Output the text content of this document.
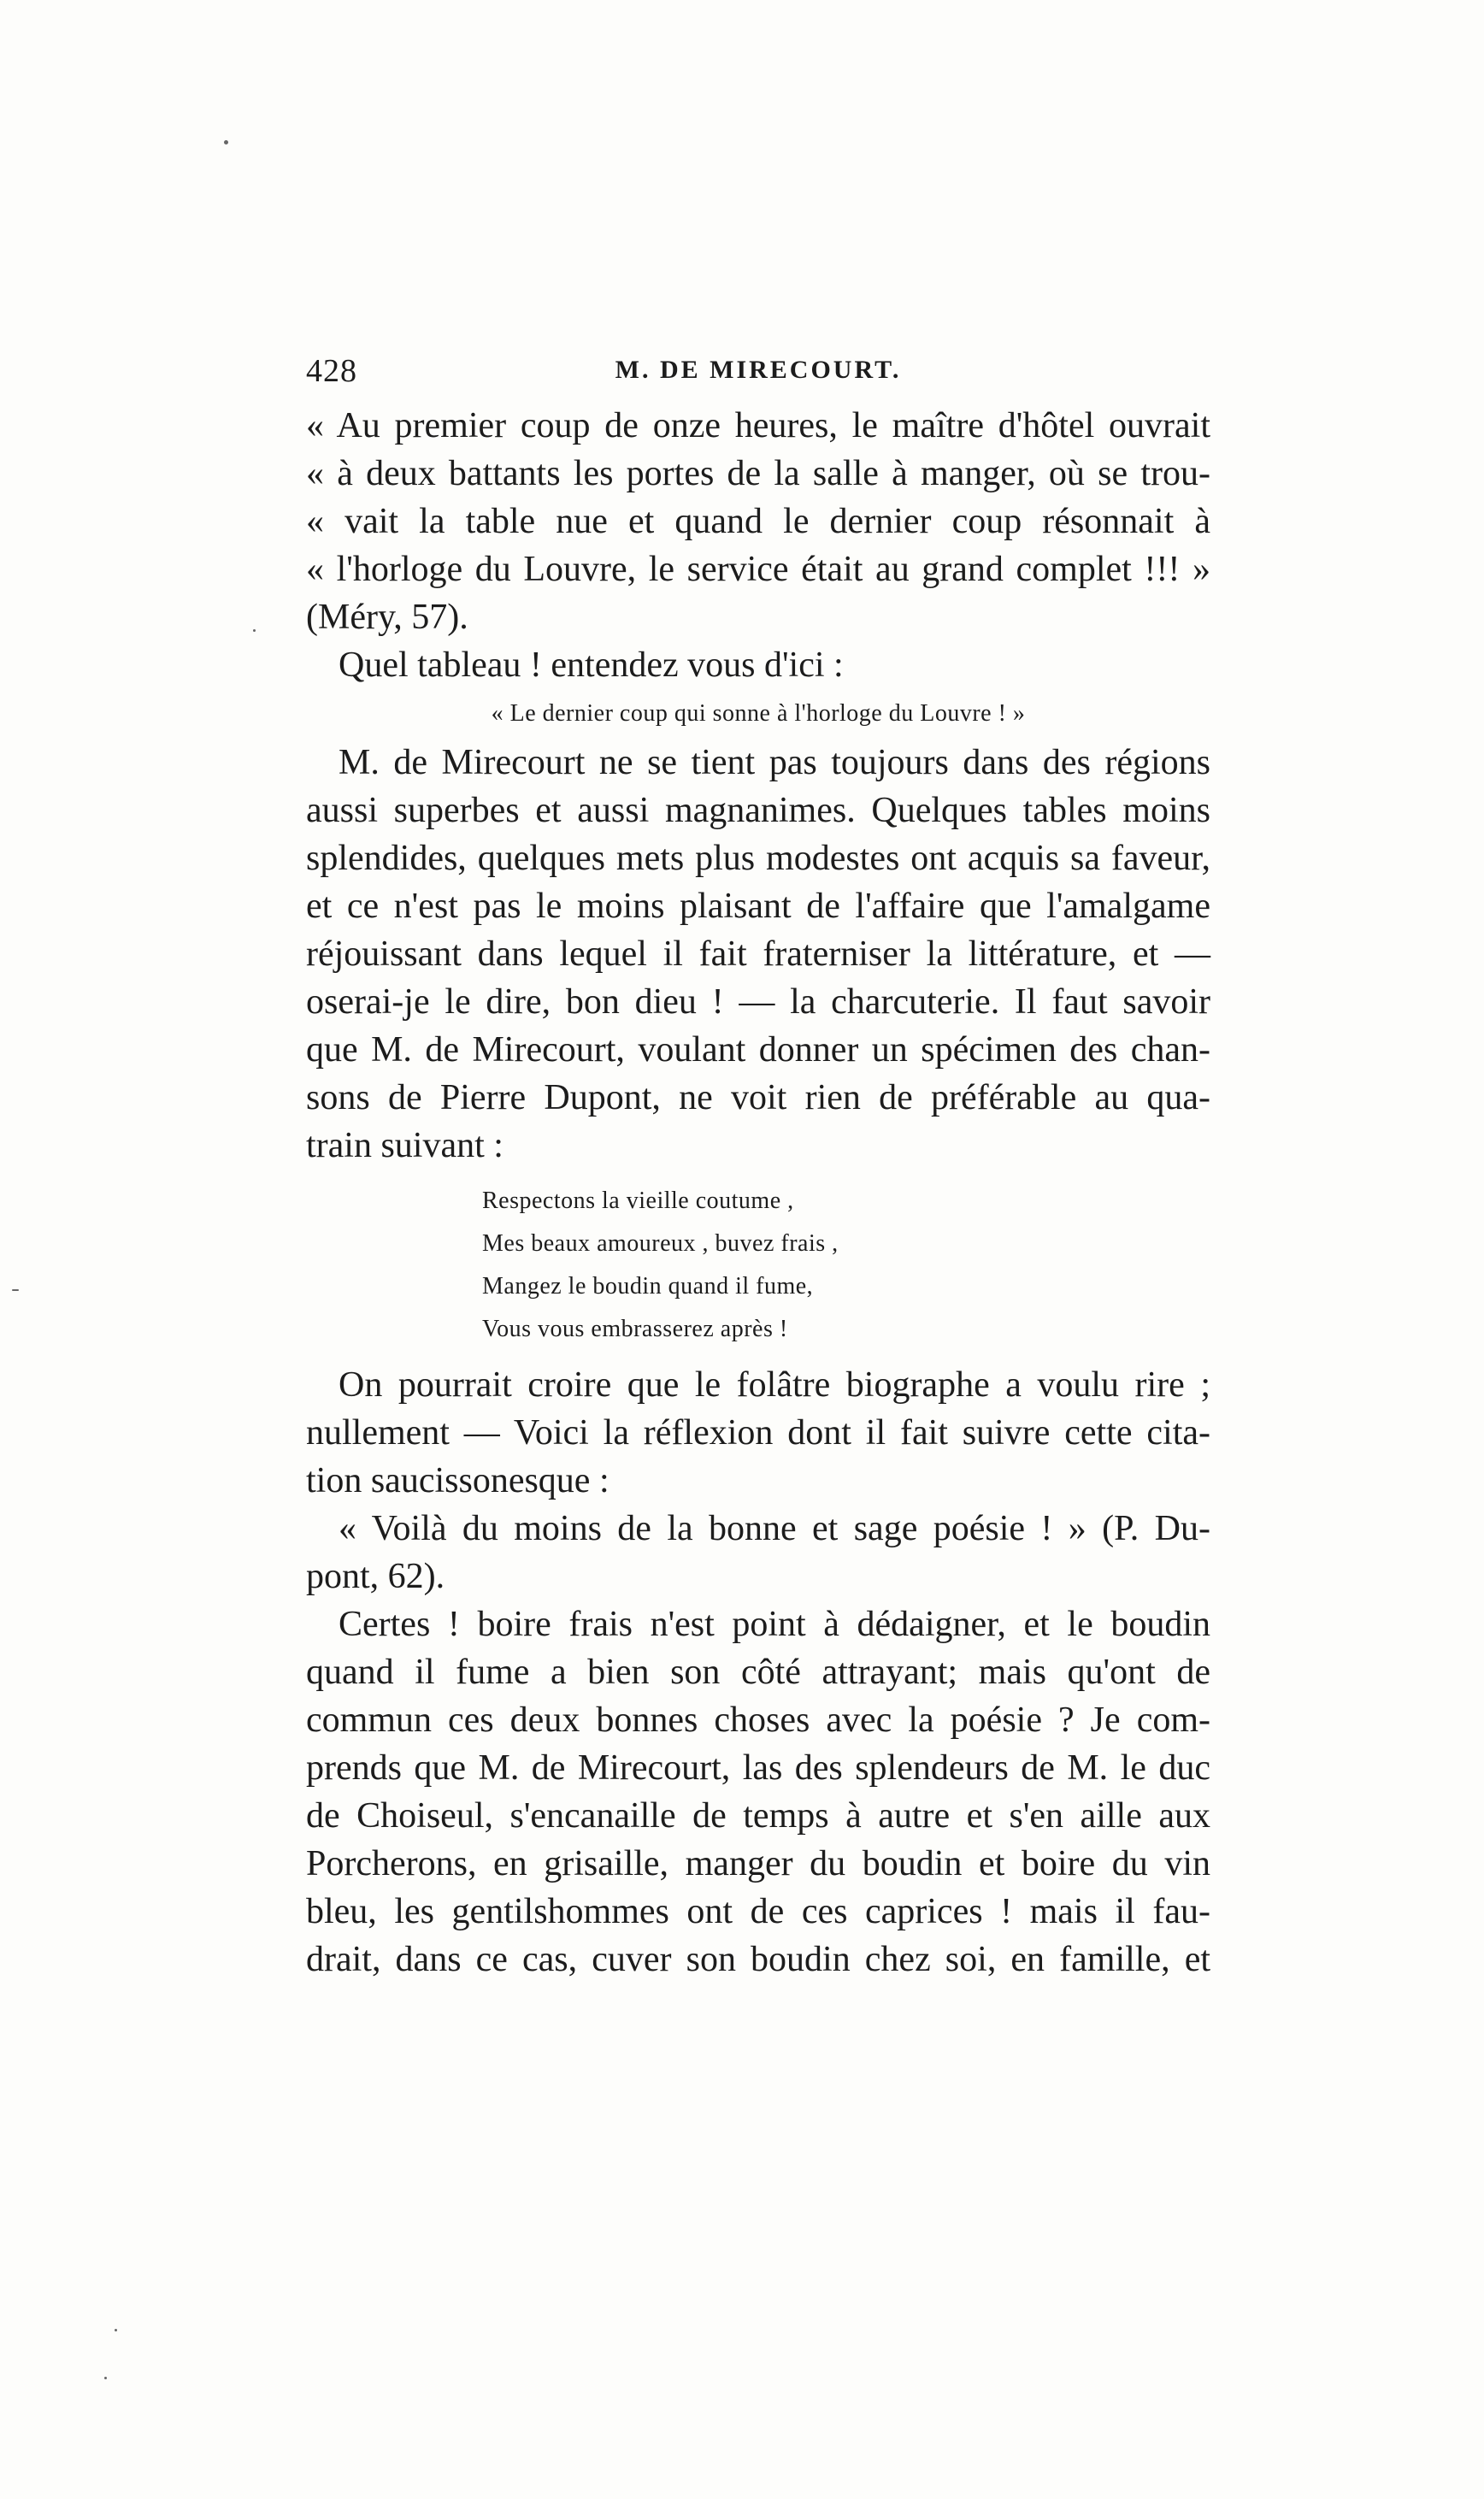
428	M. DE MIRECOURT.
« Au premier coup de onze heures, le maître d'hôtel ouvrait
« à deux battants les portes de la salle à manger, où se trou-
« vait la table nue et quand le dernier coup résonnait à
« l'horloge du Louvre, le service était au grand complet !!! »
(Méry, 57).
Quel tableau ! entendez vous d'ici :
« Le dernier coup qui sonne à l'horloge du Louvre ! »
M. de Mirecourt ne se tient pas toujours dans des régions
aussi superbes et aussi magnanimes. Quelques tables moins
splendides, quelques mets plus modestes ont acquis sa faveur,
et ce n'est pas le moins plaisant de l'affaire que l'amalgame
réjouissant dans lequel il fait fraterniser la littérature, et —
oserai-je le dire, bon dieu ! — la charcuterie. Il faut savoir
que M. de Mirecourt, voulant donner un spécimen des chan-
sons de Pierre Dupont, ne voit rien de préférable au qua-
train suivant :
Respectons la vieille coutume ,
Mes beaux amoureux , buvez frais ,
Mangez le boudin quand il fume,
Vous vous embrasserez après !
On pourrait croire que le folâtre biographe a voulu rire ;
nullement — Voici la réflexion dont il fait suivre cette cita-
tion saucissonesque :
« Voilà du moins de la bonne et sage poésie ! » (P. Du-
pont, 62).
Certes ! boire frais n'est point à dédaigner, et le boudin
quand il fume a bien son côté attrayant; mais qu'ont de
commun ces deux bonnes choses avec la poésie ? Je com-
prends que M. de Mirecourt, las des splendeurs de M. le duc
de Choiseul, s'encanaille de temps à autre et s'en aille aux
Porcherons, en grisaille, manger du boudin et boire du vin
bleu, les gentilshommes ont de ces caprices ! mais il fau-
drait, dans ce cas, cuver son boudin chez soi, en famille, et
